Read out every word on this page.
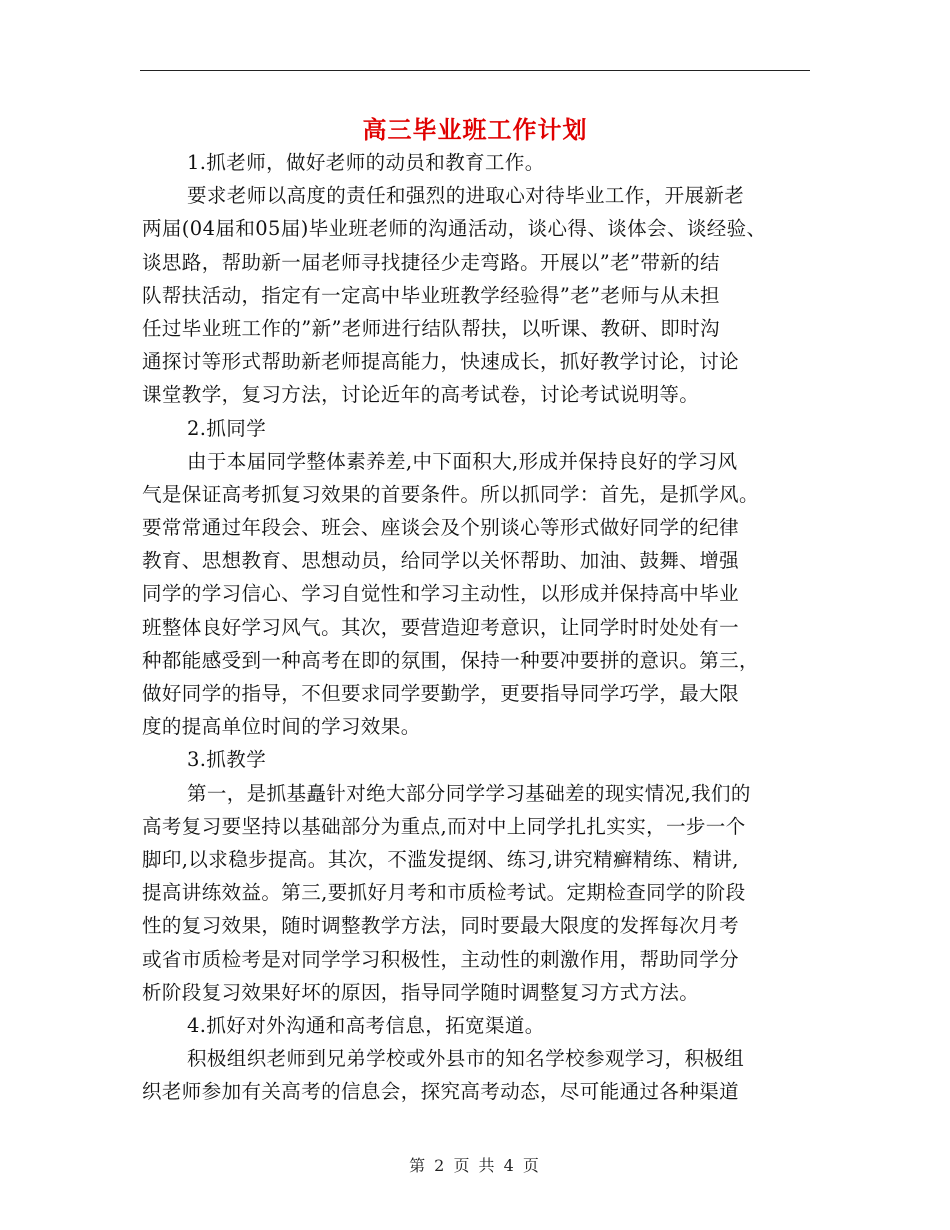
高三毕业班工作计划
1.抓老师，做好老师的动员和教育工作。
要求老师以高度的责任和强烈的进取心对待毕业工作，开展新老
两届(04届和05届)毕业班老师的沟通活动，谈心得、谈体会、谈经验、
谈思路，帮助新一届老师寻找捷径少走弯路。开展以”老”带新的结
队帮扶活动，指定有一定高中毕业班教学经验得”老”老师与从未担
任过毕业班工作的”新”老师进行结队帮扶，以听课、教研、即时沟
通探讨等形式帮助新老师提高能力，快速成长，抓好教学讨论，讨论
课堂教学，复习方法，讨论近年的高考试卷，讨论考试说明等。
2.抓同学
由于本届同学整体素养差,中下面积大,形成并保持良好的学习风
气是保证高考抓复习效果的首要条件。所以抓同学：首先，是抓学风。
要常常通过年段会、班会、座谈会及个别谈心等形式做好同学的纪律
教育、思想教育、思想动员，给同学以关怀帮助、加油、鼓舞、增强
同学的学习信心、学习自觉性和学习主动性，以形成并保持高中毕业
班整体良好学习风气。其次，要营造迎考意识，让同学时时处处有一
种都能感受到一种高考在即的氛围，保持一种要冲要拼的意识。第三，
做好同学的指导，不但要求同学要勤学，更要指导同学巧学，最大限
度的提高单位时间的学习效果。
3.抓教学
第一，是抓基矗针对绝大部分同学学习基础差的现实情况,我们的
高考复习要坚持以基础部分为重点,而对中上同学扎扎实实，一步一个
脚印,以求稳步提高。其次，不滥发提纲、练习,讲究精癣精练、精讲,
提高讲练效益。第三,要抓好月考和市质检考试。定期检查同学的阶段
性的复习效果，随时调整教学方法，同时要最大限度的发挥每次月考
或省市质检考是对同学学习积极性，主动性的刺激作用，帮助同学分
析阶段复习效果好坏的原因，指导同学随时调整复习方式方法。
4.抓好对外沟通和高考信息，拓宽渠道。
积极组织老师到兄弟学校或外县市的知名学校参观学习，积极组
织老师参加有关高考的信息会，探究高考动态，尽可能通过各种渠道
第 2 页 共 4 页
